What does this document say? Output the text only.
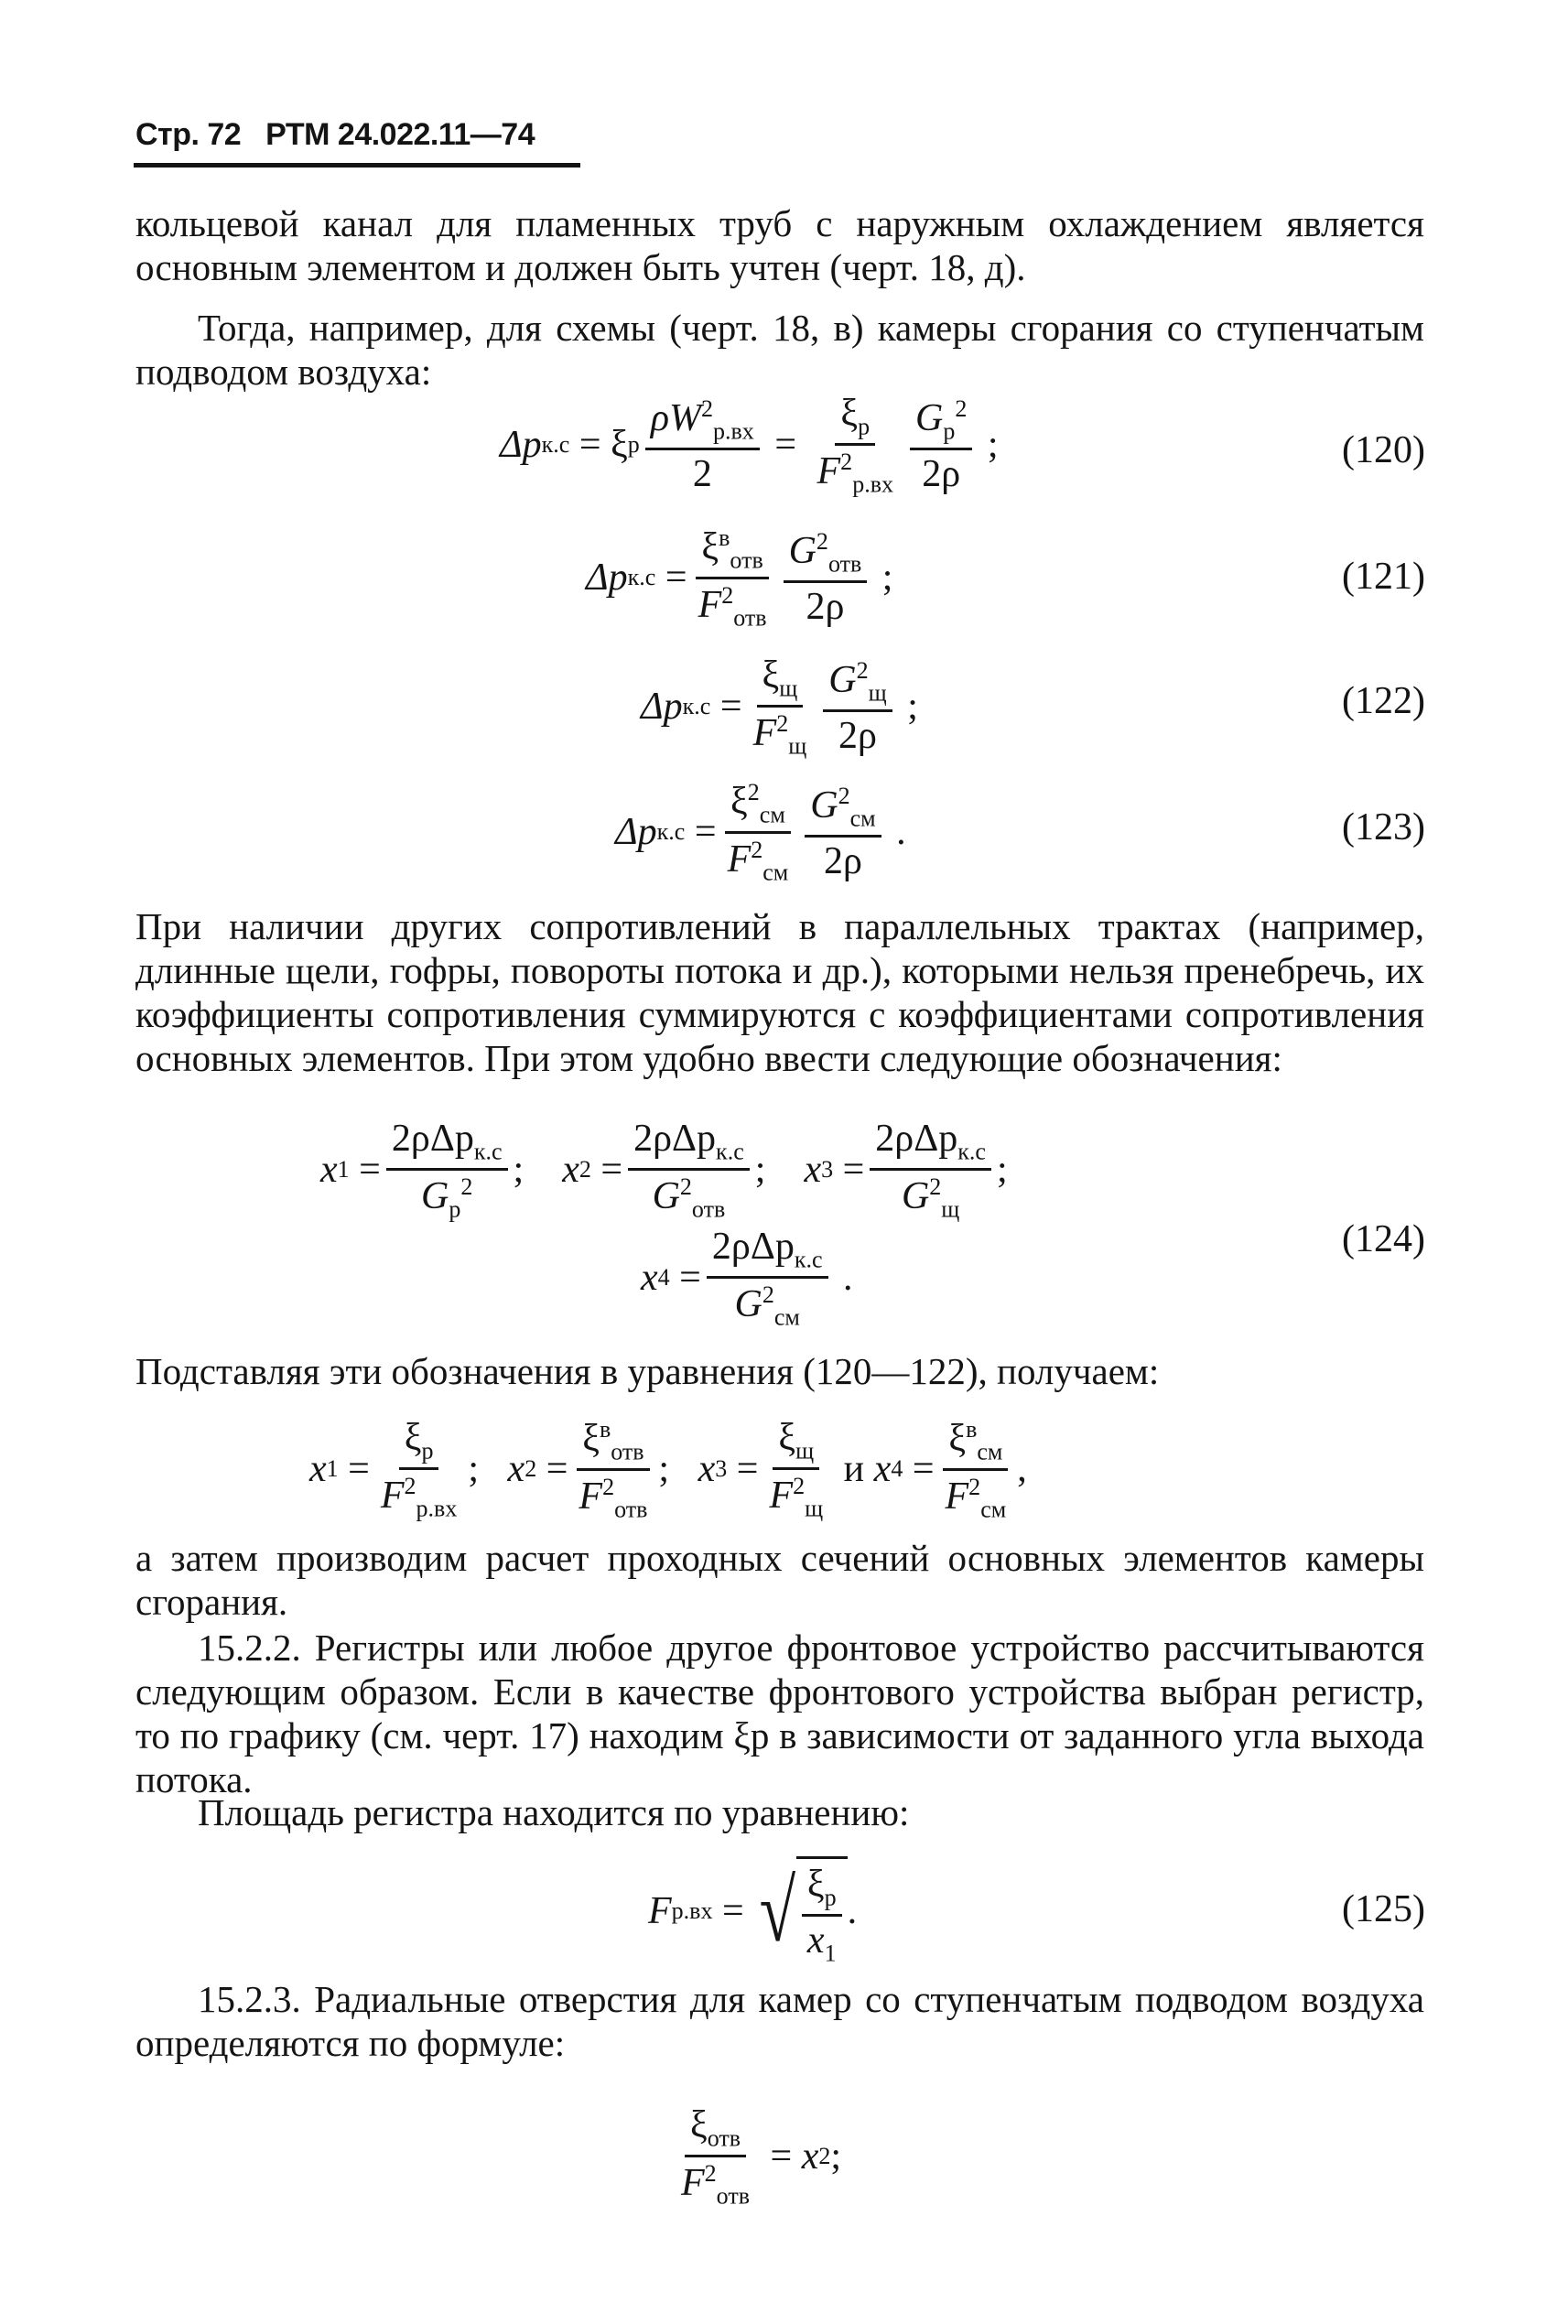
Стр. 72 РТМ 24.022.11—74
кольцевой канал для пламенных труб с наружным охлаждением является основным элементом и должен быть учтен (черт. 18, д).
Тогда, например, для схемы (черт. 18, в) камеры сгорания со ступенчатым подводом воздуха:
Δp к.с = ξ р $\frac{\rho W^2_{р.вх}}{2} = \frac{\xi_р}{F^2_{р.вх}} \frac{G_р^2}{2\rho}$ ;	(120)
Δp $к.с = \frac{\xi^в_{отв}}{F^2_{отв}} \frac{G^2_{отв}}{2\rho}$ ;	(121)
Δp $к.с = \frac{\xi_щ}{F^2_щ} \frac{G^2_щ}{2\rho}$ ;	(122)
Δp $к.с = \frac{\xi^2_{см}}{F^2_{см}} \frac{G^2_{см}}{2\rho}$ .	(123)
При наличии других сопротивлений в параллельных трактах (например, длинные щели, гофры, повороты потока и др.), которыми нельзя пренебречь, их коэффициенты сопротивления суммируются с коэффициентами сопротивления основных элементов. При этом удобно ввести следующие обозначения:
x $1 = \frac{2\rho\Delta p_{к.с}}{G_р^2}$ ; x $2 = \frac{2\rho\Delta p_{к.с}}{G^2_{отв}}$ ; x $3 = \frac{2\rho\Delta p_{к.с}}{G^2_щ}$ ;
x $4 = \frac{2\rho\Delta p_{к.с}}{G^2_{см}}$ .
(124)
Подставляя эти обозначения в уравнения (120—122), получаем:
x $1 = \frac{\xi_р}{F^2_{р.вх}}$ ; x $2 = \frac{\xi^в_{отв}}{F^2_{отв}}$ ; x $3 = \frac{\xi_щ}{F^2_щ}$
и
x $4 = \frac{\xi^в_{см}}{F^2_{см}}$ ,
а затем производим расчет проходных сечений основных элементов камеры сгорания.
15.2.2. Регистры или любое другое фронтовое устройство рассчитываются следующим образом. Если в качестве фронтового устройства выбран регистр, то по графику (см. черт. 17) находим ξр в зависимости от заданного угла выхода потока.
Площадь регистра находится по уравнению:
F р.вх = √ $\frac{\xi_р}{x_1}$ .	(125)
15.2.3. Радиальные отверстия для камер со ступенчатым подводом воздуха определяются по формуле:
$\frac{\xi_{отв}}{F^2_{отв}} = x$ 2 ;
